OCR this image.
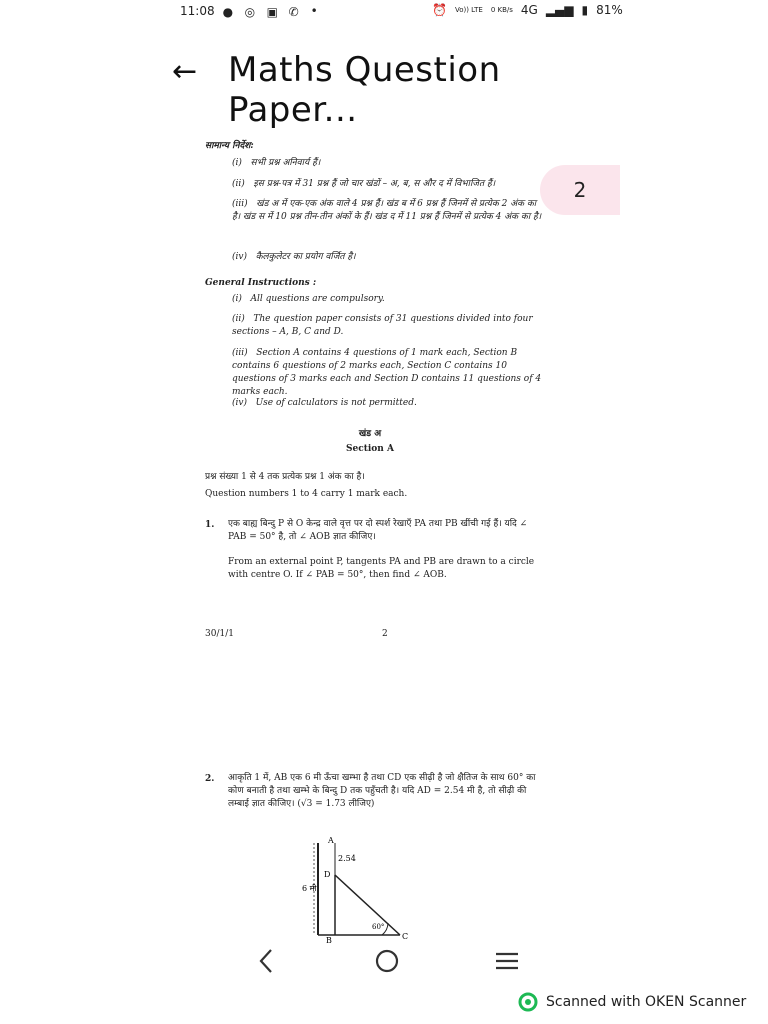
11:08 ● ◎ ▣ ✆ •	⏰ Vo)) LTE 0 KB/s 4G ▂▄▆ ▮ 81%
← Maths Question Paper...
2
सामान्य निर्देश:
(i) सभी प्रश्न अनिवार्य हैं।
(ii) इस प्रश्न-पत्र में 31 प्रश्न हैं जो चार खंडों – अ, ब, स और द में विभाजित हैं।
(iii) खंड अ में एक-एक अंक वाले 4 प्रश्न हैं। खंड ब में 6 प्रश्न हैं जिनमें से प्रत्येक 2 अंक का है। खंड स में 10 प्रश्न तीन-तीन अंकों के हैं। खंड द में 11 प्रश्न हैं जिनमें से प्रत्येक 4 अंक का है।
(iv) कैलकुलेटर का प्रयोग वर्जित है।
General Instructions :
(i) All questions are compulsory.
(ii) The question paper consists of 31 questions divided into four sections – A, B, C and D.
(iii) Section A contains 4 questions of 1 mark each, Section B contains 6 questions of 2 marks each, Section C contains 10 questions of 3 marks each and Section D contains 11 questions of 4 marks each.
(iv) Use of calculators is not permitted.
खंड अ
Section A
प्रश्न संख्या 1 से 4 तक प्रत्येक प्रश्न 1 अंक का है।
Question numbers 1 to 4 carry 1 mark each.
1. एक बाह्य बिन्दु P से O केन्द्र वाले वृत्त पर दो स्पर्श रेखाएँ PA तथा PB खींची गई हैं। यदि ∠ PAB = 50° है, तो ∠ AOB ज्ञात कीजिए।
From an external point P, tangents PA and PB are drawn to a circle with centre O. If ∠ PAB = 50°, then find ∠ AOB.
30/1/1	2
2. आकृति 1 में, AB एक 6 मी ऊँचा खम्भा है तथा CD एक सीढ़ी है जो क्षैतिज के साथ 60° का कोण बनाती है तथा खम्भे के बिन्दु D तक पहुँचती है। यदि AD = 2.54 मी है, तो सीढ़ी की लम्बाई ज्ञात कीजिए। (√3 = 1.73 लीजिए)
A
D
B	C
2.54
6 मी
60°
Scanned with OKEN Scanner
